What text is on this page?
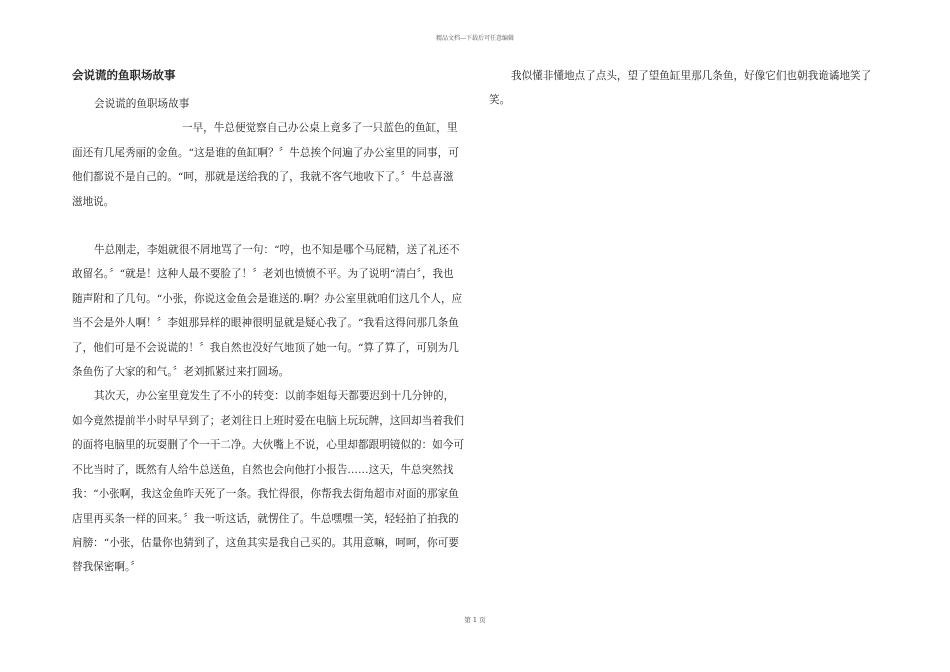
精品文档---下载后可任意编辑
会说谎的鱼职场故事

会说谎的鱼职场故事

一早，牛总便觉察自己办公桌上竟多了一只蓝色的鱼缸，里面还有几尾秀丽的金鱼。“这是谁的鱼缸啊？〞牛总挨个问遍了办公室里的同事，可他们都说不是自己的。“呵，那就是送给我的了，我就不客气地收下了。〞牛总喜滋滋地说。

牛总刚走，李姐就很不屑地骂了一句：“哼，也不知是哪个马屁精，送了礼还不敢留名。〞“就是！这种人最不要脸了！〞老刘也愤愤不平。为了说明“清白〞，我也随声附和了几句。“小张，你说这金鱼会是谁送的.啊？办公室里就咱们这几个人，应当不会是外人啊！〞李姐那异样的眼神很明显就是疑心我了。“我看这得问那几条鱼了，他们可是不会说谎的！〞我自然也没好气地顶了她一句。“算了算了，可别为几条鱼伤了大家的和气。〞老刘抓紧过来打圆场。

其次天，办公室里竟发生了不小的转变：以前李姐每天都要迟到十几分钟的，如今竟然提前半小时早早到了；老刘往日上班时爱在电脑上玩玩牌，这回却当着我们的面将电脑里的玩耍删了个一干二净。大伙嘴上不说，心里却都跟明镜似的：如今可不比当时了，既然有人给牛总送鱼，自然也会向他打小报告……这天，牛总突然找我：“小张啊，我这金鱼昨天死了一条。我忙得很，你帮我去街角超市对面的那家鱼店里再买条一样的回来。〞我一听这话，就愣住了。牛总嘿嘿一笑，轻轻拍了拍我的肩膀：“小张，估量你也猜到了，这鱼其实是我自己买的。其用意嘛，呵呵，你可要替我保密啊。〞

我似懂非懂地点了点头，望了望鱼缸里那几条鱼，好像它们也朝我诡谲地笑了笑。

第 1 页
